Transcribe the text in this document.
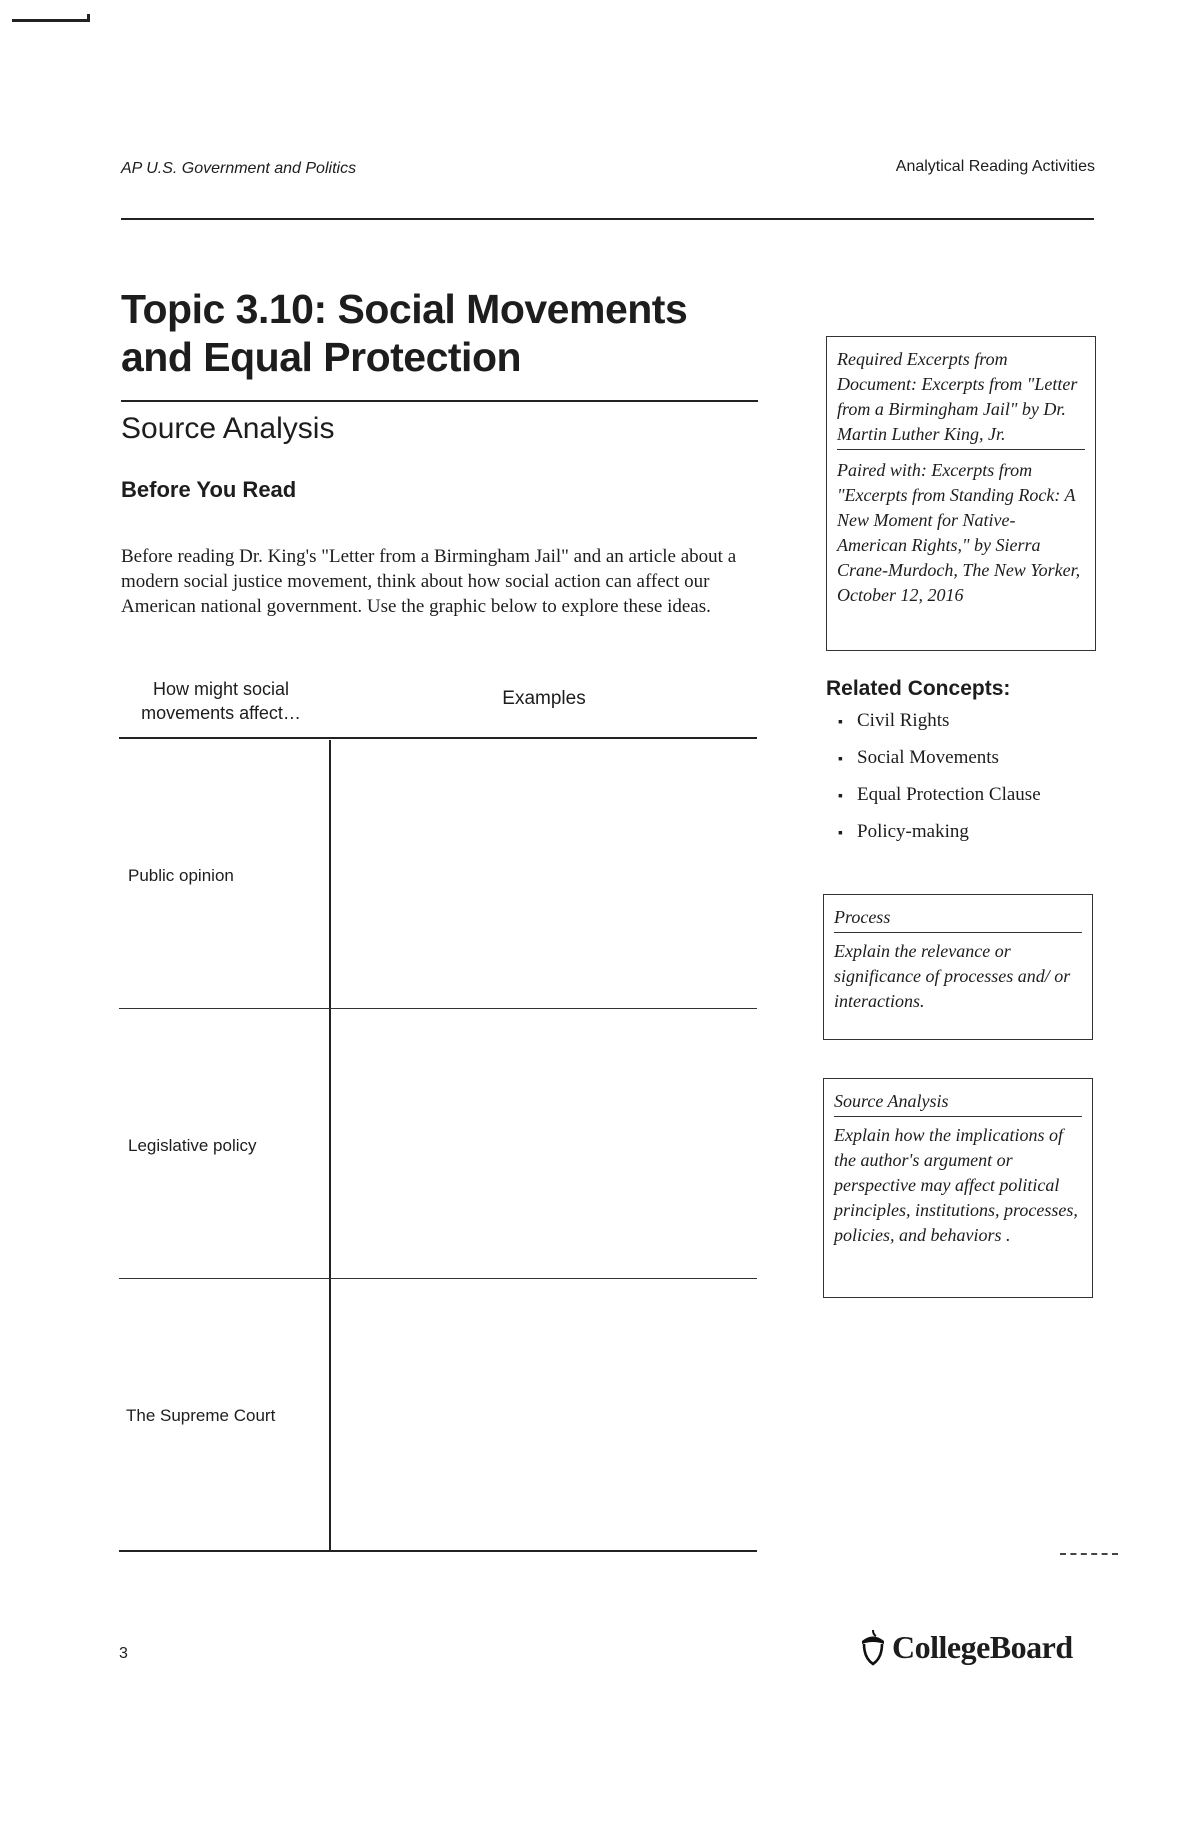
AP U.S. Government and Politics	Analytical Reading Activities
Topic 3.10: Social Movements and Equal Protection
Source Analysis
Before You Read
Before reading Dr. King's "Letter from a Birmingham Jail" and an article about a modern social justice movement, think about how social action can affect our American national government. Use the graphic below to explore these ideas.
How might social movements affect…
Examples
Public opinion
Legislative policy
The Supreme Court
Required Excerpts from Document: Excerpts from "Letter from a Birmingham Jail" by Dr. Martin Luther King, Jr.
Paired with: Excerpts from "Excerpts from Standing Rock: A New Moment for Native-American Rights," by Sierra Crane-Murdoch, The New Yorker, October 12, 2016
Related Concepts:
▪ Civil Rights
▪ Social Movements
▪ Equal Protection Clause
▪ Policy-making
Process
Explain the relevance or significance of processes and/ or interactions.
Source Analysis
Explain how the implications of the author's argument or perspective may affect political principles, institutions, processes, policies, and behaviors .
3	CollegeBoard
